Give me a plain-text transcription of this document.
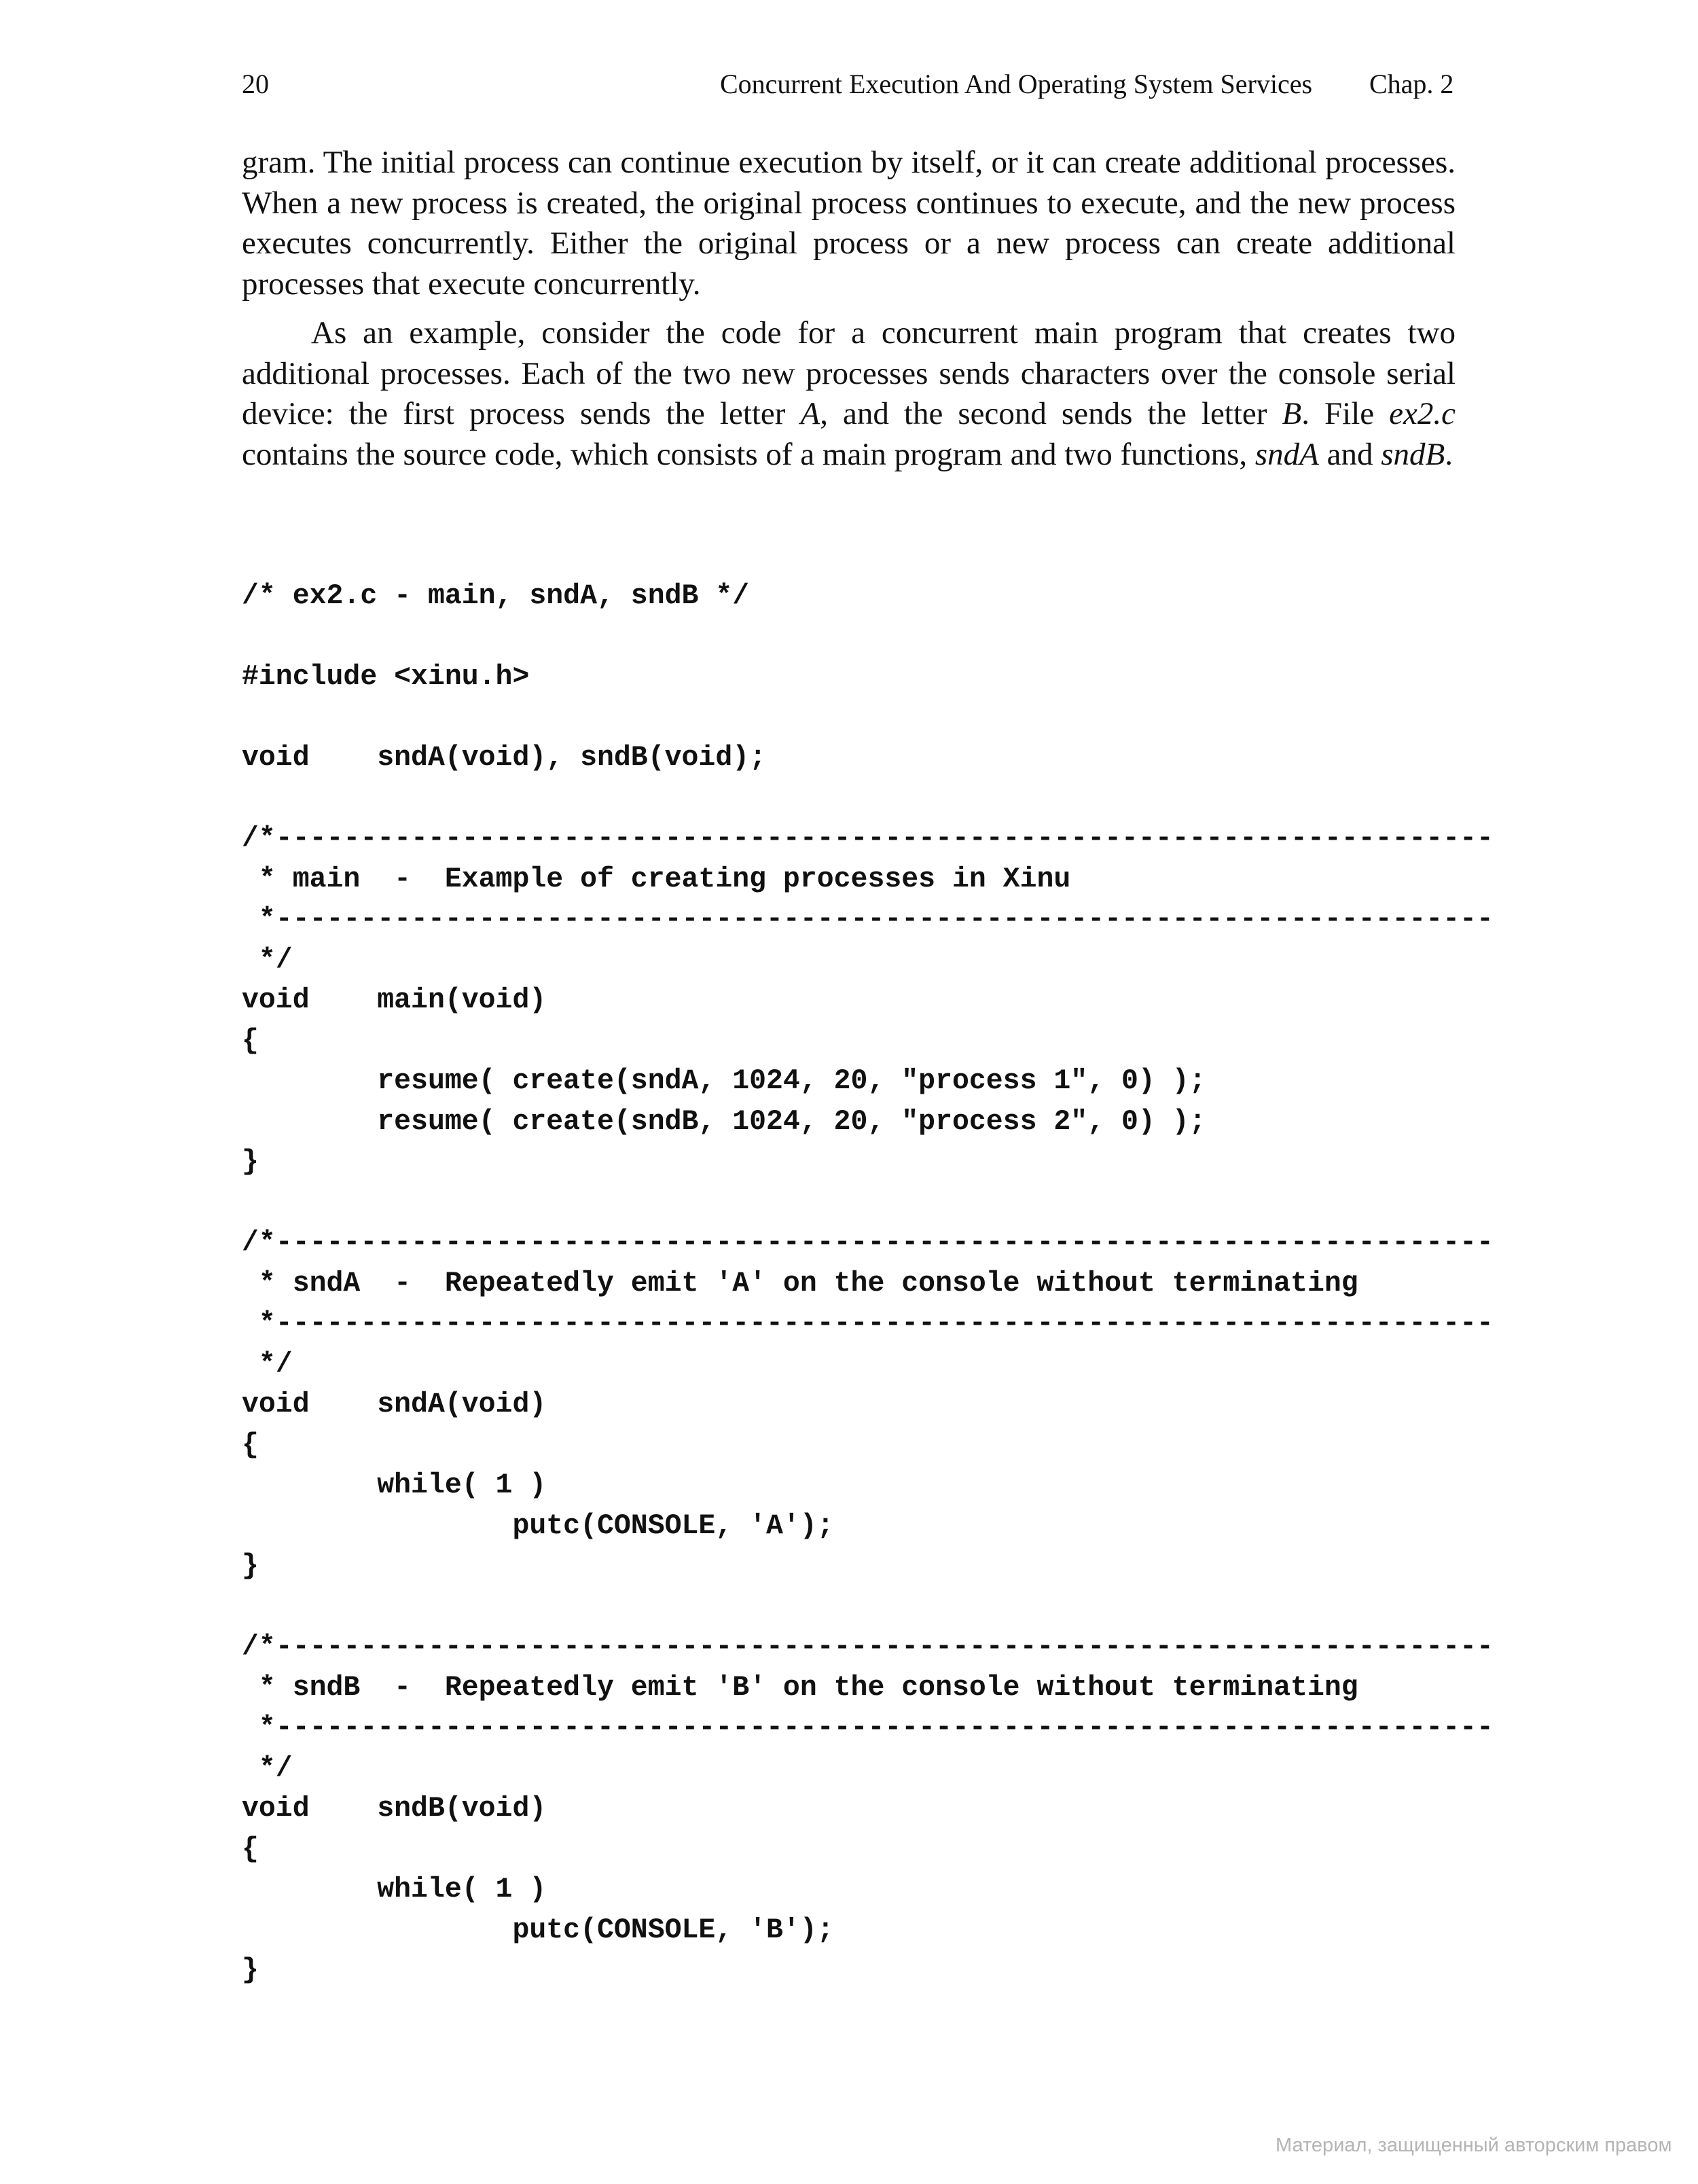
20	Concurrent Execution And Operating System Services Chap. 2

gram. The initial process can continue execution by itself, or it can create additional processes. When a new process is created, the original process continues to execute, and the new process executes concurrently. Either the original process or a new process can create additional processes that execute concurrently.

As an example, consider the code for a concurrent main program that creates two additional processes. Each of the two new processes sends characters over the console serial device: the first process sends the letter A, and the second sends the letter B. File ex2.c contains the source code, which consists of a main program and two functions, sndA and sndB.

/* ex2.c - main, sndA, sndB */
#include <xinu.h>
void    sndA(void), sndB(void);
/*------------------------------------------------------------------------
* main  -  Example of creating processes in Xinu
*------------------------------------------------------------------------
*/
void    main(void)
{
resume( create(sndA, 1024, 20, "process 1", 0) );
resume( create(sndB, 1024, 20, "process 2", 0) );
}
/*------------------------------------------------------------------------
* sndA  -  Repeatedly emit 'A' on the console without terminating
*------------------------------------------------------------------------
*/
void    sndA(void)
{
while( 1 )
putc(CONSOLE, 'A');
}
/*------------------------------------------------------------------------
* sndB  -  Repeatedly emit 'B' on the console without terminating
*------------------------------------------------------------------------
*/
void    sndB(void)
{
while( 1 )
putc(CONSOLE, 'B');
}
Материал, защищенный авторским правом
